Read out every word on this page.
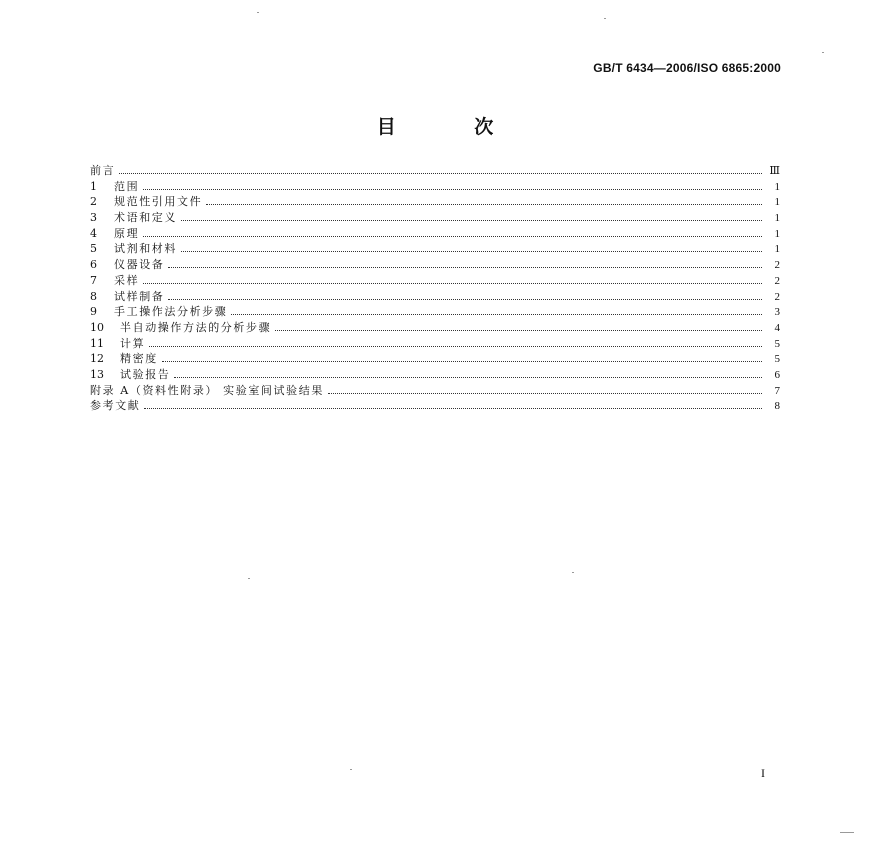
GB/T 6434—2006/ISO 6865:2000
目 次
前言	Ⅲ
1	范围	1
2	规范性引用文件	1
3	术语和定义	1
4	原理	1
5	试剂和材料	1
6	仪器设备	2
7	采样	2
8	试样制备	2
9	手工操作法分析步骤	3
10	半自动操作方法的分析步骤	4
11	计算	5
12	精密度	5
13	试验报告	6
附录 A（资料性附录） 实验室间试验结果	7
参考文献	8
I
